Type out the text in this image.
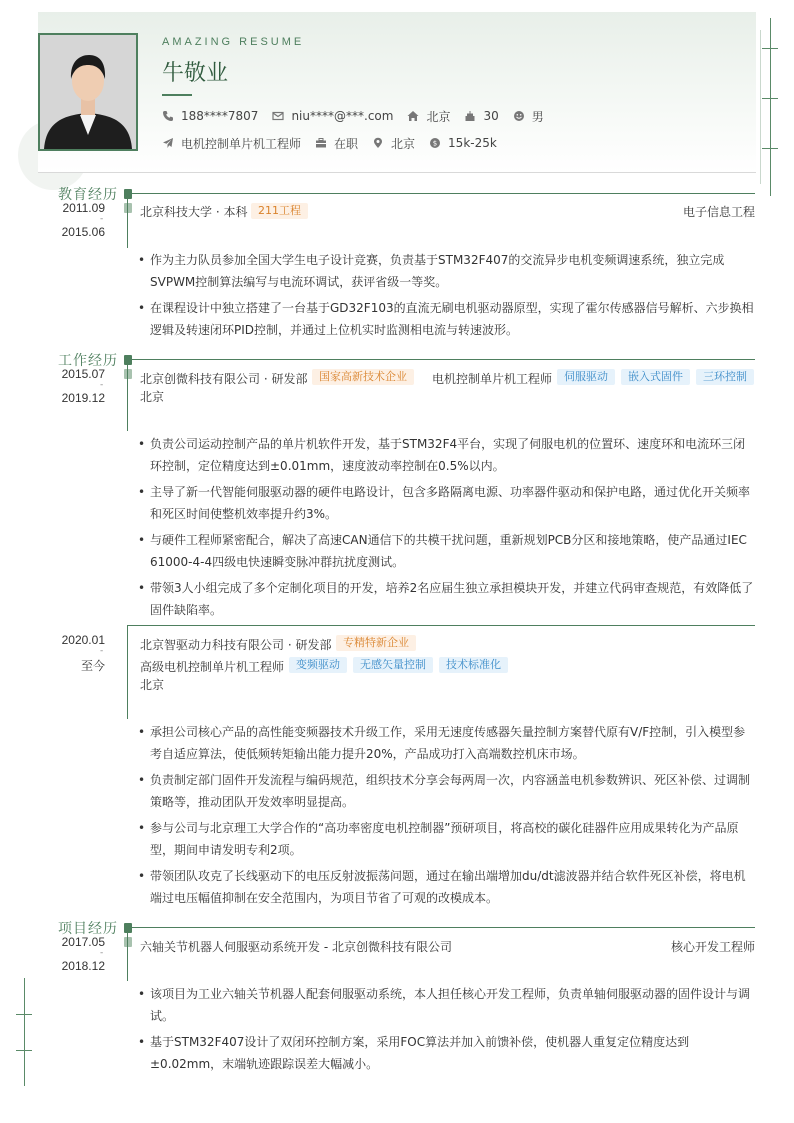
AMAZING RESUME
牛敬业
188****7807	niu****@***.com	北京	30	男
电机控制单片机工程师	在职	北京	$ 15k-25k
教育经历
2011.09
-
2015.06
北京科技大学 · 本科 211工程	电子信息工程
• 作为主力队员参加全国大学生电子设计竞赛，负责基于STM32F407的交流异步电机变频调速系统，独立完成SVPWM控制算法编写与电流环调试，获评省级一等奖。
• 在课程设计中独立搭建了一台基于GD32F103的直流无刷电机驱动器原型，实现了霍尔传感器信号解析、六步换相逻辑及转速闭环PID控制，并通过上位机实时监测相电流与转速波形。
工作经历
2015.07
-
2019.12
北京创微科技有限公司 · 研发部	国家高新技术企业	电机控制单片机工程师	伺服驱动	嵌入式固件	三环控制
北京
• 负责公司运动控制产品的单片机软件开发，基于STM32F4平台，实现了伺服电机的位置环、速度环和电流环三闭环控制，定位精度达到±0.01mm，速度波动率控制在0.5%以内。
• 主导了新一代智能伺服驱动器的硬件电路设计，包含多路隔离电源、功率器件驱动和保护电路，通过优化开关频率和死区时间使整机效率提升约3%。
• 与硬件工程师紧密配合，解决了高速CAN通信下的共模干扰问题，重新规划PCB分区和接地策略，使产品通过IEC 61000-4-4四级电快速瞬变脉冲群抗扰度测试。
• 带领3人小组完成了多个定制化项目的开发，培养2名应届生独立承担模块开发，并建立代码审查规范，有效降低了固件缺陷率。
2020.01
-
至今
北京智驱动力科技有限公司 · 研发部	专精特新企业
高级电机控制单片机工程师	变频驱动	无感矢量控制	技术标准化
北京
• 承担公司核心产品的高性能变频器技术升级工作，采用无速度传感器矢量控制方案替代原有V/F控制，引入模型参考自适应算法，使低频转矩输出能力提升20%，产品成功打入高端数控机床市场。
• 负责制定部门固件开发流程与编码规范，组织技术分享会每两周一次，内容涵盖电机参数辨识、死区补偿、过调制策略等，推动团队开发效率明显提高。
• 参与公司与北京理工大学合作的“高功率密度电机控制器”预研项目，将高校的碳化硅器件应用成果转化为产品原型，期间申请发明专利2项。
• 带领团队攻克了长线驱动下的电压反射波振荡问题，通过在输出端增加du/dt滤波器并结合软件死区补偿，将电机端过电压幅值抑制在安全范围内，为项目节省了可观的改模成本。
项目经历
2017.05
-
2018.12
六轴关节机器人伺服驱动系统开发 - 北京创微科技有限公司	核心开发工程师
• 该项目为工业六轴关节机器人配套伺服驱动系统，本人担任核心开发工程师，负责单轴伺服驱动器的固件设计与调试。
• 基于STM32F407设计了双闭环控制方案，采用FOC算法并加入前馈补偿，使机器人重复定位精度达到±0.02mm，末端轨迹跟踪误差大幅减小。
